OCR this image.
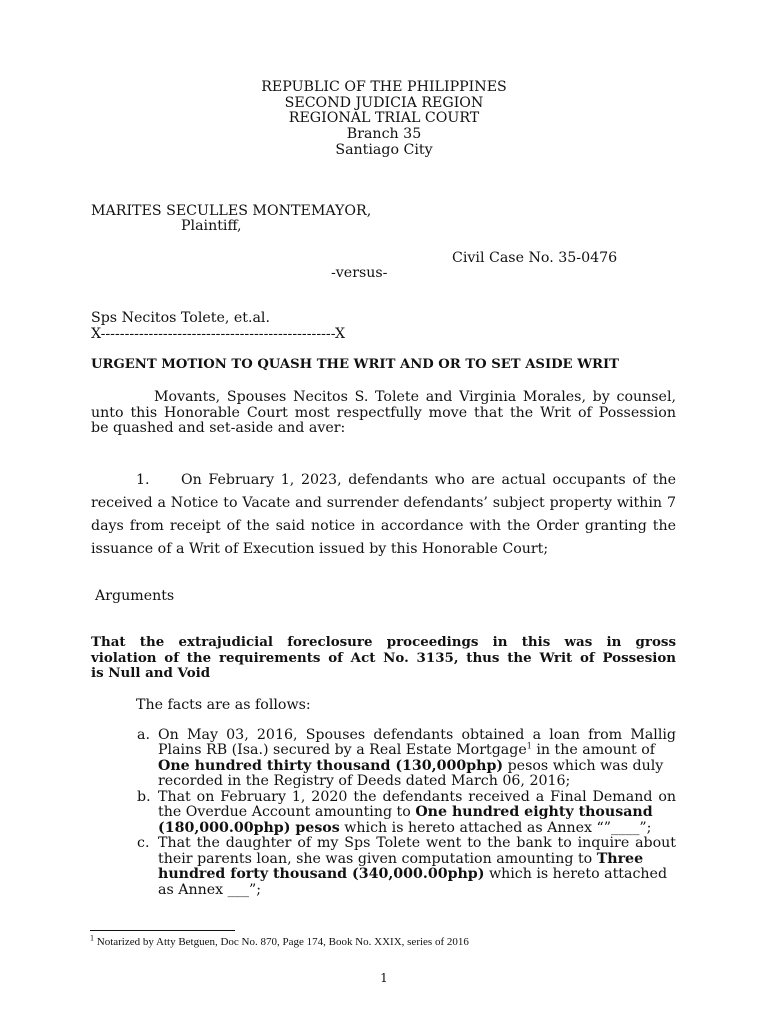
REPUBLIC OF THE PHILIPPINES
SECOND JUDICIA REGION
REGIONAL TRIAL COURT
Branch 35
Santiago City
MARITES SECULLES MONTEMAYOR,
Plaintiff,
Civil Case No. 35-0476
-versus-
Sps Necitos Tolete, et.al.
X-------------------------------------------------X
URGENT MOTION TO QUASH THE WRIT AND OR TO SET ASIDE WRIT
Movants, Spouses Necitos S. Tolete and Virginia Morales, by counsel,
unto this Honorable Court most respectfully move that the Writ of Possession
be quashed and set-aside and aver:
1. On February 1, 2023, defendants who are actual occupants of the
received a Notice to Vacate and surrender defendants’ subject property within 7
days from receipt of the said notice in accordance with the Order granting the
issuance of a Writ of Execution issued by this Honorable Court;
Arguments
That the extrajudicial foreclosure proceedings in this was in gross
violation of the requirements of Act No. 3135, thus the Writ of Possesion
is Null and Void
The facts are as follows:
a. On May 03, 2016, Spouses defendants obtained a loan from Mallig
Plains RB (Isa.) secured by a Real Estate Mortgage$^1$ in the amount of
One hundred thirty thousand (130,000php) pesos which was duly
recorded in the Registry of Deeds dated March 06, 2016;
b. That on February 1, 2020 the defendants received a Final Demand on
the Overdue Account amounting to One hundred eighty thousand
(180,000.00php) pesos which is hereto attached as Annex “”____”;
c. That the daughter of my Sps Tolete went to the bank to inquire about
their parents loan, she was given computation amounting to Three
hundred forty thousand (340,000.00php) which is hereto attached
as Annex ___”;
$^1$ Notarized by Atty Betguen, Doc No. 870, Page 174, Book No. XXIX, series of 2016
1
